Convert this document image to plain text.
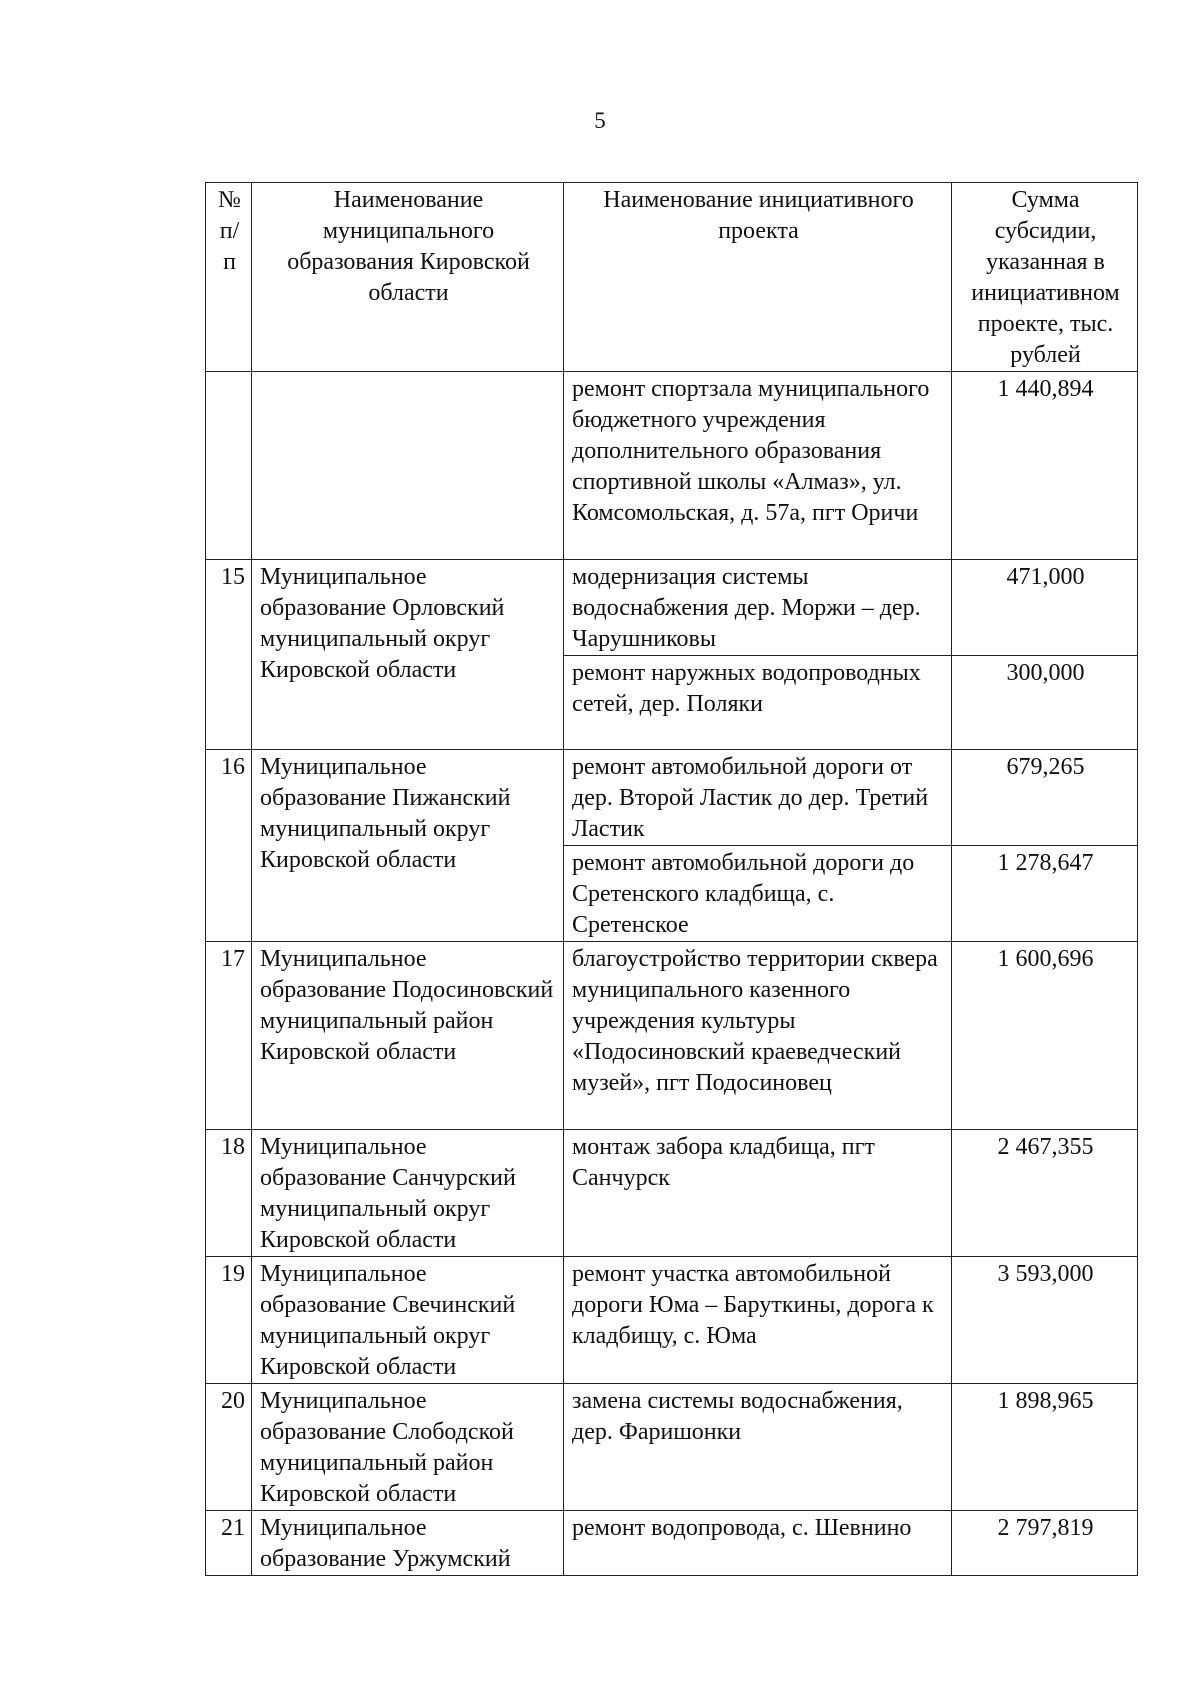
5
№ п/п	Наименование муниципального образования Кировской области	Наименование инициативного проекта	Сумма субсидии, указанная в инициативном проекте, тыс. рублей
		ремонт спортзала муниципального бюджетного учреждения дополнительного образования спортивной школы «Алмаз», ул. Комсомольская, д. 57а, пгт Оричи	1 440,894
15	Муниципальное образование Орловский муниципальный округ Кировской области	модернизация системы водоснабжения дер. Моржи – дер. Чарушниковы	471,000
		ремонт наружных водопроводных сетей, дер. Поляки	300,000
16	Муниципальное образование Пижанский муниципальный округ Кировской области	ремонт автомобильной дороги от дер. Второй Ластик до дер. Третий Ластик	679,265
		ремонт автомобильной дороги до Сретенского кладбища, с. Сретенское	1 278,647
17	Муниципальное образование Подосиновский муниципальный район Кировской области	благоустройство территории сквера муниципального казенного учреждения культуры «Подосиновский краеведческий музей», пгт Подосиновец	1 600,696
18	Муниципальное образование Санчурский муниципальный округ Кировской области	монтаж забора кладбища, пгт Санчурск	2 467,355
19	Муниципальное образование Свечинский муниципальный округ Кировской области	ремонт участка автомобильной дороги Юма – Баруткины, дорога к кладбищу, с. Юма	3 593,000
20	Муниципальное образование Слободской муниципальный район Кировской области	замена системы водоснабжения, дер. Фаришонки	1 898,965
21	Муниципальное образование Уржумский	ремонт водопровода, с. Шевнино	2 797,819
